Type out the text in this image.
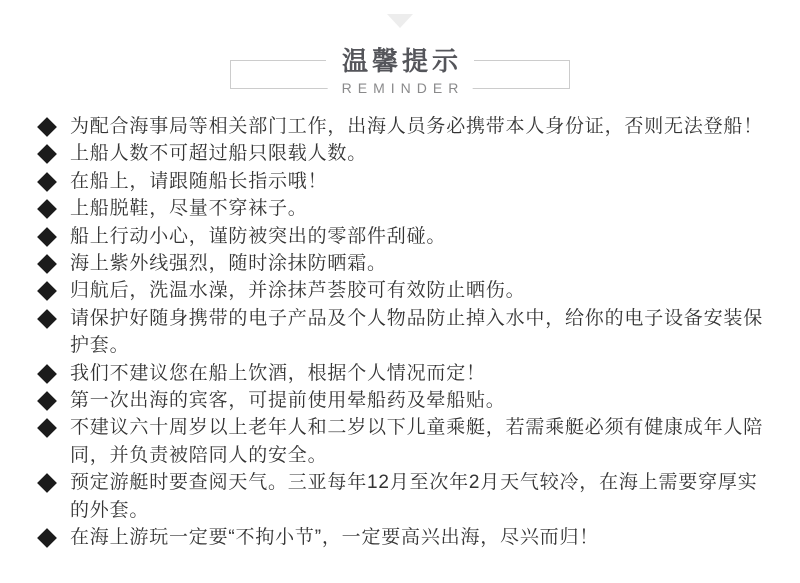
温馨提示
REMINDER
为配合海事局等相关部门工作，出海人员务必携带本人身份证，否则无法登船！
上船人数不可超过船只限载人数。
在船上，请跟随船长指示哦！
上船脱鞋，尽量不穿袜子。
船上行动小心，谨防被突出的零部件刮碰。
海上紫外线强烈，随时涂抹防晒霜。
归航后，洗温水澡，并涂抹芦荟胶可有效防止晒伤。
请保护好随身携带的电子产品及个人物品防止掉入水中，给你的电子设备安装保护套。
我们不建议您在船上饮酒，根据个人情况而定！
第一次出海的宾客，可提前使用晕船药及晕船贴。
不建议六十周岁以上老年人和二岁以下儿童乘艇，若需乘艇必须有健康成年人陪同，并负责被陪同人的安全。
预定游艇时要查阅天气。三亚每年12月至次年2月天气较冷，在海上需要穿厚实的外套。
在海上游玩一定要“不拘小节”，一定要高兴出海，尽兴而归！
